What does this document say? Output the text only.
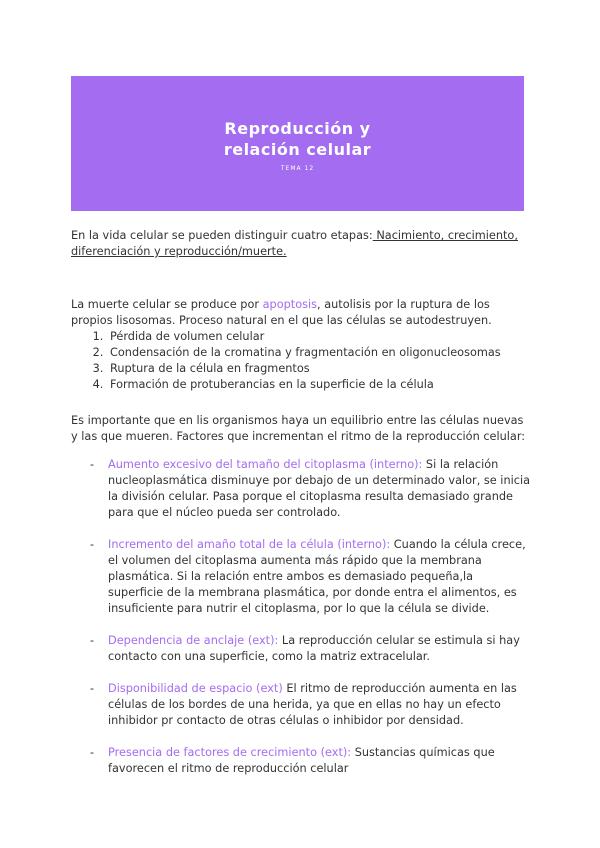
Reproducción y
relación celular
TEMA 12

En la vida celular se pueden distinguir cuatro etapas: Nacimiento, crecimiento, diferenciación y reproducción/muerte.

La muerte celular se produce por apoptosis, autolisis por la ruptura de los propios lisosomas. Proceso natural en el que las células se autodestruyen.

1. Pérdida de volumen celular
2. Condensación de la cromatina y fragmentación en oligonucleosomas
3. Ruptura de la célula en fragmentos
4. Formación de protuberancias en la superficie de la célula

Es importante que en lis organismos haya un equilibrio entre las células nuevas y las que mueren. Factores que incrementan el ritmo de la reproducción celular:

- Aumento excesivo del tamaño del citoplasma (interno): Si la relación nucleoplasmática disminuye por debajo de un determinado valor, se inicia la división celular. Pasa porque el citoplasma resulta demasiado grande para que el núcleo pueda ser controlado.
- Incremento del amaño total de la célula (interno): Cuando la célula crece, el volumen del citoplasma aumenta más rápido que la membrana plasmática. Si la relación entre ambos es demasiado pequeña,la superficie de la membrana plasmática, por donde entra el alimentos, es insuficiente para nutrir el citoplasma, por lo que la célula se divide.
- Dependencia de anclaje (ext): La reproducción celular se estimula si hay contacto con una superficie, como la matriz extracelular.
- Disponibilidad de espacio (ext) El ritmo de reproducción aumenta en las células de los bordes de una herida, ya que en ellas no hay un efecto inhibidor pr contacto de otras células o inhibidor por densidad.
- Presencia de factores de crecimiento (ext): Sustancias químicas que favorecen el ritmo de reproducción celular
